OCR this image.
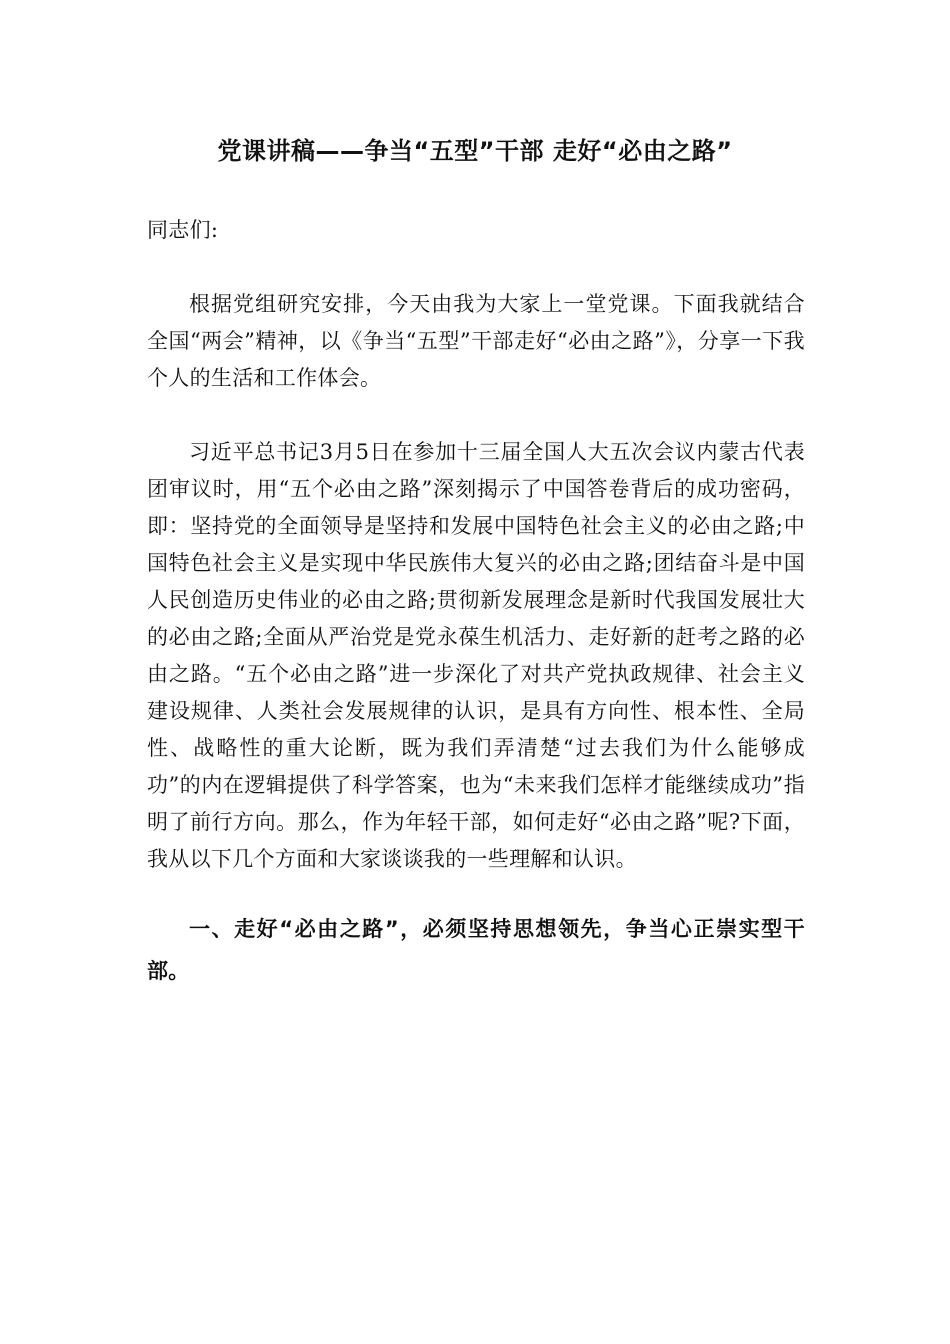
党课讲稿——争当“五型”干部 走好“必由之路”

同志们:

根据党组研究安排，今天由我为大家上一堂党课。下面我就结合全国“两会”精神，以《争当“五型”干部走好“必由之路”》，分享一下我个人的生活和工作体会。

习近平总书记3月5日在参加十三届全国人大五次会议内蒙古代表团审议时，用“五个必由之路”深刻揭示了中国答卷背后的成功密码，即：坚持党的全面领导是坚持和发展中国特色社会主义的必由之路;中国特色社会主义是实现中华民族伟大复兴的必由之路;团结奋斗是中国人民创造历史伟业的必由之路;贯彻新发展理念是新时代我国发展壮大的必由之路;全面从严治党是党永葆生机活力、走好新的赶考之路的必由之路。“五个必由之路”进一步深化了对共产党执政规律、社会主义建设规律、人类社会发展规律的认识，是具有方向性、根本性、全局性、战略性的重大论断，既为我们弄清楚“过去我们为什么能够成功”的内在逻辑提供了科学答案，也为“未来我们怎样才能继续成功”指明了前行方向。那么，作为年轻干部，如何走好“必由之路”呢?下面，我从以下几个方面和大家谈谈我的一些理解和认识。

一、走好“必由之路”，必须坚持思想领先，争当心正崇实型干部。
